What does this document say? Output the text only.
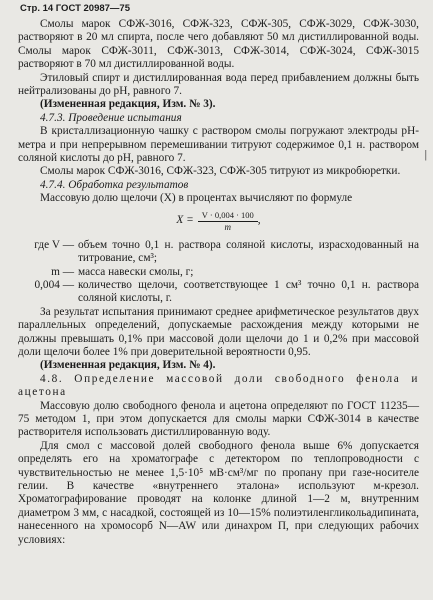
Стр. 14 ГОСТ 20987—75

Смолы марок СФЖ-3016, СФЖ-323, СФЖ-305, СФЖ-3029, СФЖ-3030, растворяют в 20 мл спирта, после чего добавляют 50 мл дистиллированной воды. Смолы марок СФЖ-3011, СФЖ-3013, СФЖ-3014, СФЖ-3024, СФЖ-3015 растворяют в 70 мл дистиллированной воды.

Этиловый спирт и дистиллированная вода перед прибавлением должны быть нейтрализованы до pH, равного 7.

(Измененная редакция, Изм. № 3).

4.7.3. Проведение испытания

В кристаллизационную чашку с раствором смолы погружают электроды pH-метра и при непрерывном перемешивании титруют содержимое 0,1 н. раствором соляной кислоты до pH, равного 7.

Смолы марок СФЖ-3016, СФЖ-323, СФЖ-305 титруют из микробюретки.

4.7.4. Обработка результатов

Массовую долю щелочи (X) в процентах вычисляют по формуле

$X = \frac{V \cdot 0,004 \cdot 100}{m}$ ,
где V — объем точно 0,1 н. раствора соляной кислоты, израсходованный на титрование, см³;
m — масса навески смолы, г;
0,004 — количество щелочи, соответствующее 1 см³ точно 0,1 н. раствора соляной кислоты, г.

За результат испытания принимают среднее арифметическое результатов двух параллельных определений, допускаемые расхождения между которыми не должны превышать 0,1% при массовой доли щелочи до 1 и 0,2% при массовой доли щелочи более 1% при доверительной вероятности 0,95.

(Измененная редакция, Изм. № 4).

4.8. Определение массовой доли свободного фенола и ацетона

Массовую долю свободного фенола и ацетона определяют по ГОСТ 11235—75 методом 1, при этом допускается для смолы марки СФЖ-3014 в качестве растворителя использовать дистиллированную воду.

Для смол с массовой долей свободного фенола выше 6% допускается определять его на хроматографе с детектором по теплопроводности с чувствительностью не менее 1,5·10⁵ мВ·см³/мг по пропану при газе-носителе гелии. В качестве «внутреннего эталона» используют м-крезол. Хроматографирование проводят на колонке длиной 1—2 м, внутренним диаметром 3 мм, с насадкой, состоящей из 10—15% полиэтиленгликольадипината, нанесенного на хромосорб N—AW или динахром П, при следующих рабочих условиях:

|
